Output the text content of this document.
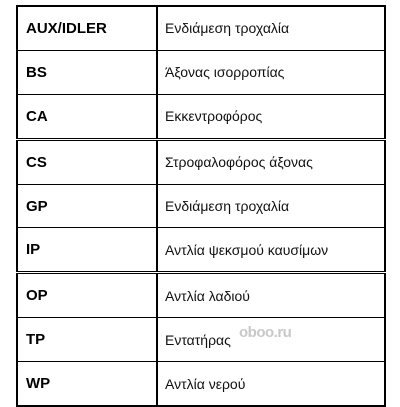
AUX/IDLER	Ενδιάμεση τροχαλία
BS	Άξονας ισορροπίας
CA	Εκκεντροφόρος
CS	Στροφαλοφόρος άξονας
GP	Ενδιάμεση τροχαλία
IP	Αντλία ψεκσμού καυσίμων
OP	Αντλία λαδιού
TP	Εντατήρας
WP	Αντλία νερού
oboo.ru
